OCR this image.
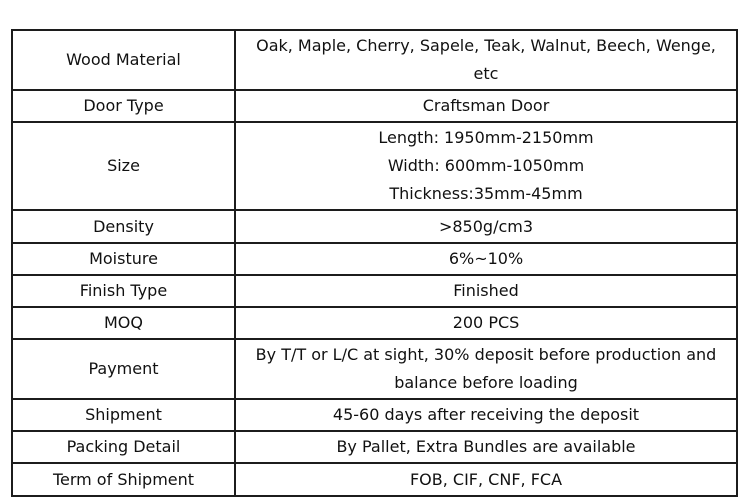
Wood Material	Oak, Maple, Cherry, Sapele, Teak, Walnut, Beech, Wenge, etc
Door Type	Craftsman Door
Size	Length: 1950mm-2150mm
Width: 600mm-1050mm
Thickness:35mm-45mm

Density	>850g/cm3
Moisture	6%~10%
Finish Type	Finished
MOQ	200 PCS
Payment	By T/T or L/C at sight, 30% deposit before production and balance before loading
Shipment	45-60 days after receiving the deposit
Packing Detail	By Pallet, Extra Bundles are available
Term of Shipment	FOB, CIF, CNF, FCA
